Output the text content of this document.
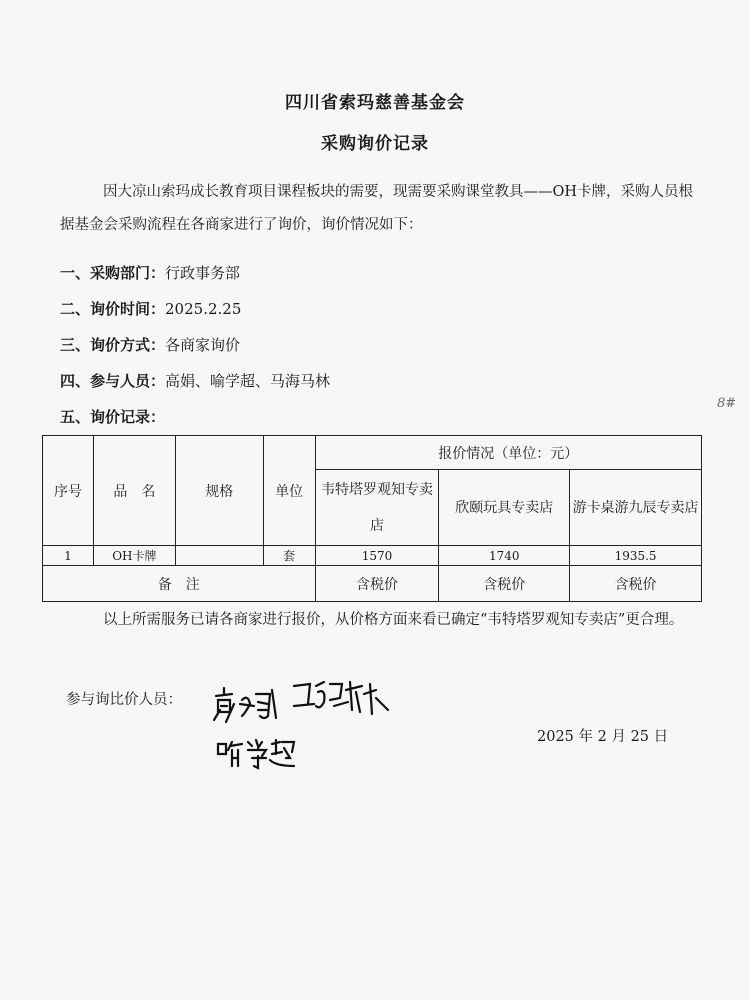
四川省索玛慈善基金会
采购询价记录
因大凉山索玛成长教育项目课程板块的需要，现需要采购课堂教具——OH卡牌，采购人员根据基金会采购流程在各商家进行了询价，询价情况如下：
一、采购部门：行政事务部
二、询价时间：2025.2.25
三、询价方式：各商家询价
四、参与人员：高娟、喻学超、马海马林
五、询价记录：
8#
序号	品　名	规格	单位	报价情况（单位：元）		
				韦特塔罗观知专卖店	欣颐玩具专卖店	游卡桌游九辰专卖店
1	OH卡牌		套	1570	1740	1935.5
备　注				含税价	含税价	含税价
以上所需服务已请各商家进行报价，从价格方面来看已确定“韦特塔罗观知专卖店”更合理。
参与询比价人员：
2025 年 2 月 25 日
